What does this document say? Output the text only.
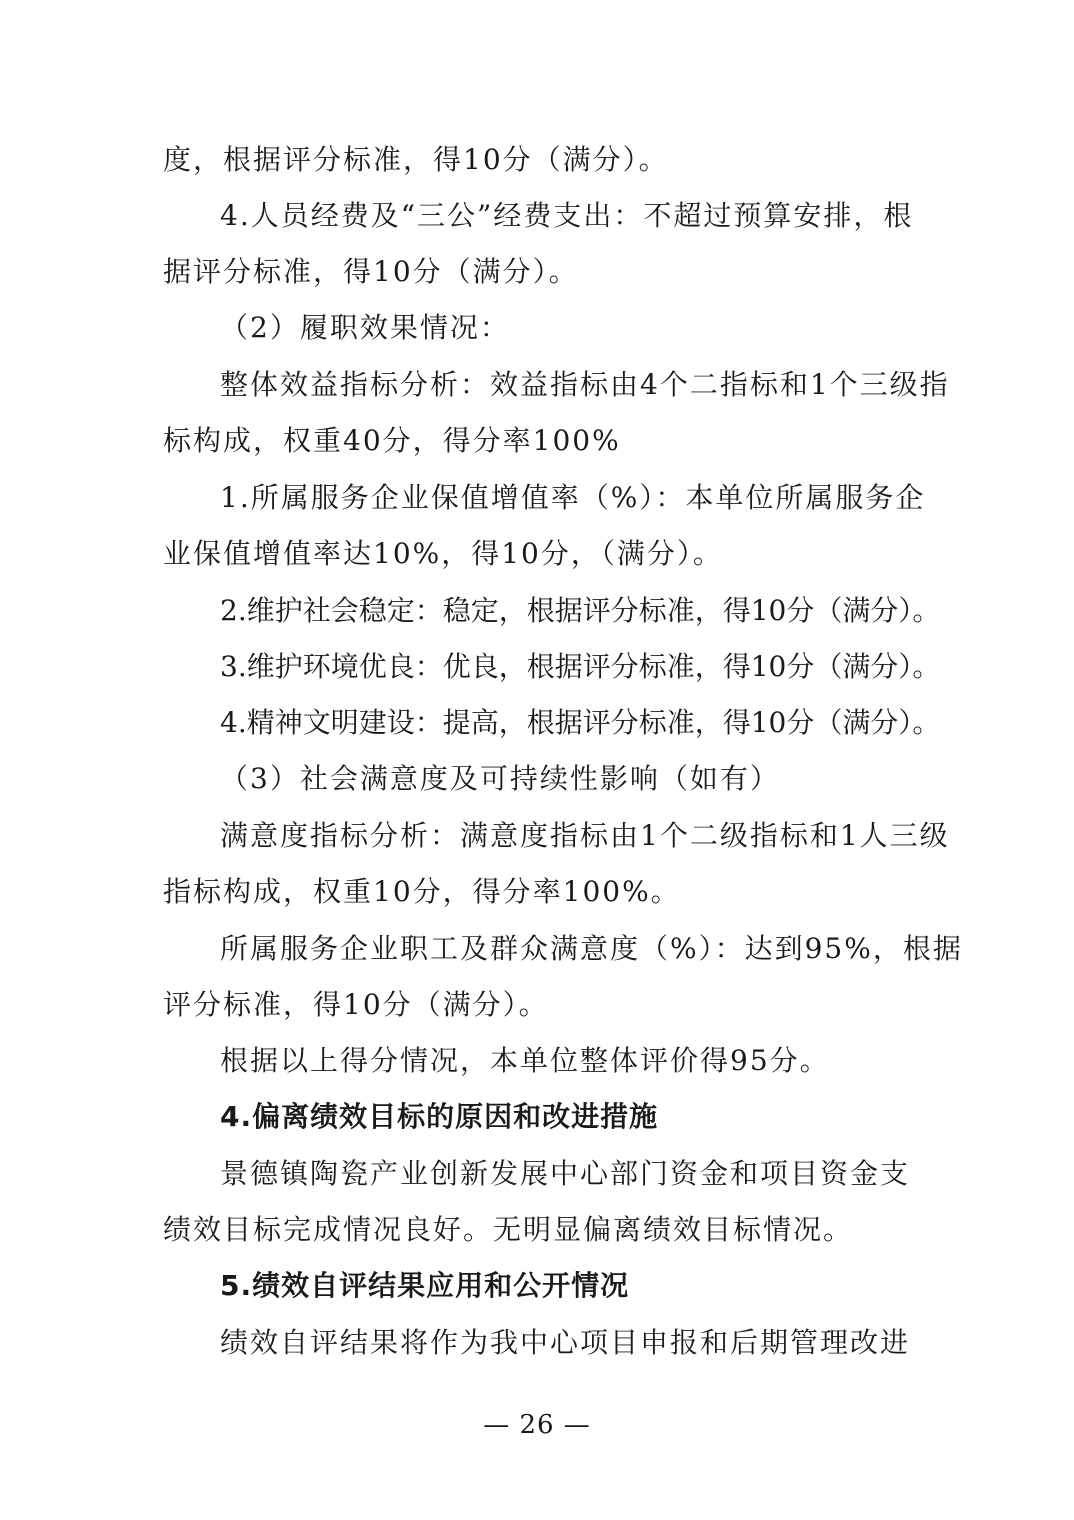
度，根据评分标准，得10分（满分）。
4.人员经费及“三公”经费支出：不超过预算安排，根
据评分标准，得10分（满分）。
（2）履职效果情况：
整体效益指标分析：效益指标由4个二指标和1个三级指
标构成，权重40分，得分率100%
1.所属服务企业保值增值率（%）：本单位所属服务企
业保值增值率达10%，得10分，（满分）。
2.维护社会稳定：稳定，根据评分标准，得10分（满分）。
3.维护环境优良：优良，根据评分标准，得10分（满分）。
4.精神文明建设：提高，根据评分标准，得10分（满分）。
（3）社会满意度及可持续性影响（如有）
满意度指标分析：满意度指标由1个二级指标和1人三级
指标构成，权重10分，得分率100%。
所属服务企业职工及群众满意度（%）：达到95%，根据
评分标准，得10分（满分）。
根据以上得分情况，本单位整体评价得95分。
4.偏离绩效目标的原因和改进措施
景德镇陶瓷产业创新发展中心部门资金和项目资金支
绩效目标完成情况良好。无明显偏离绩效目标情况。
5.绩效自评结果应用和公开情况
绩效自评结果将作为我中心项目申报和后期管理改进
— 26 —
